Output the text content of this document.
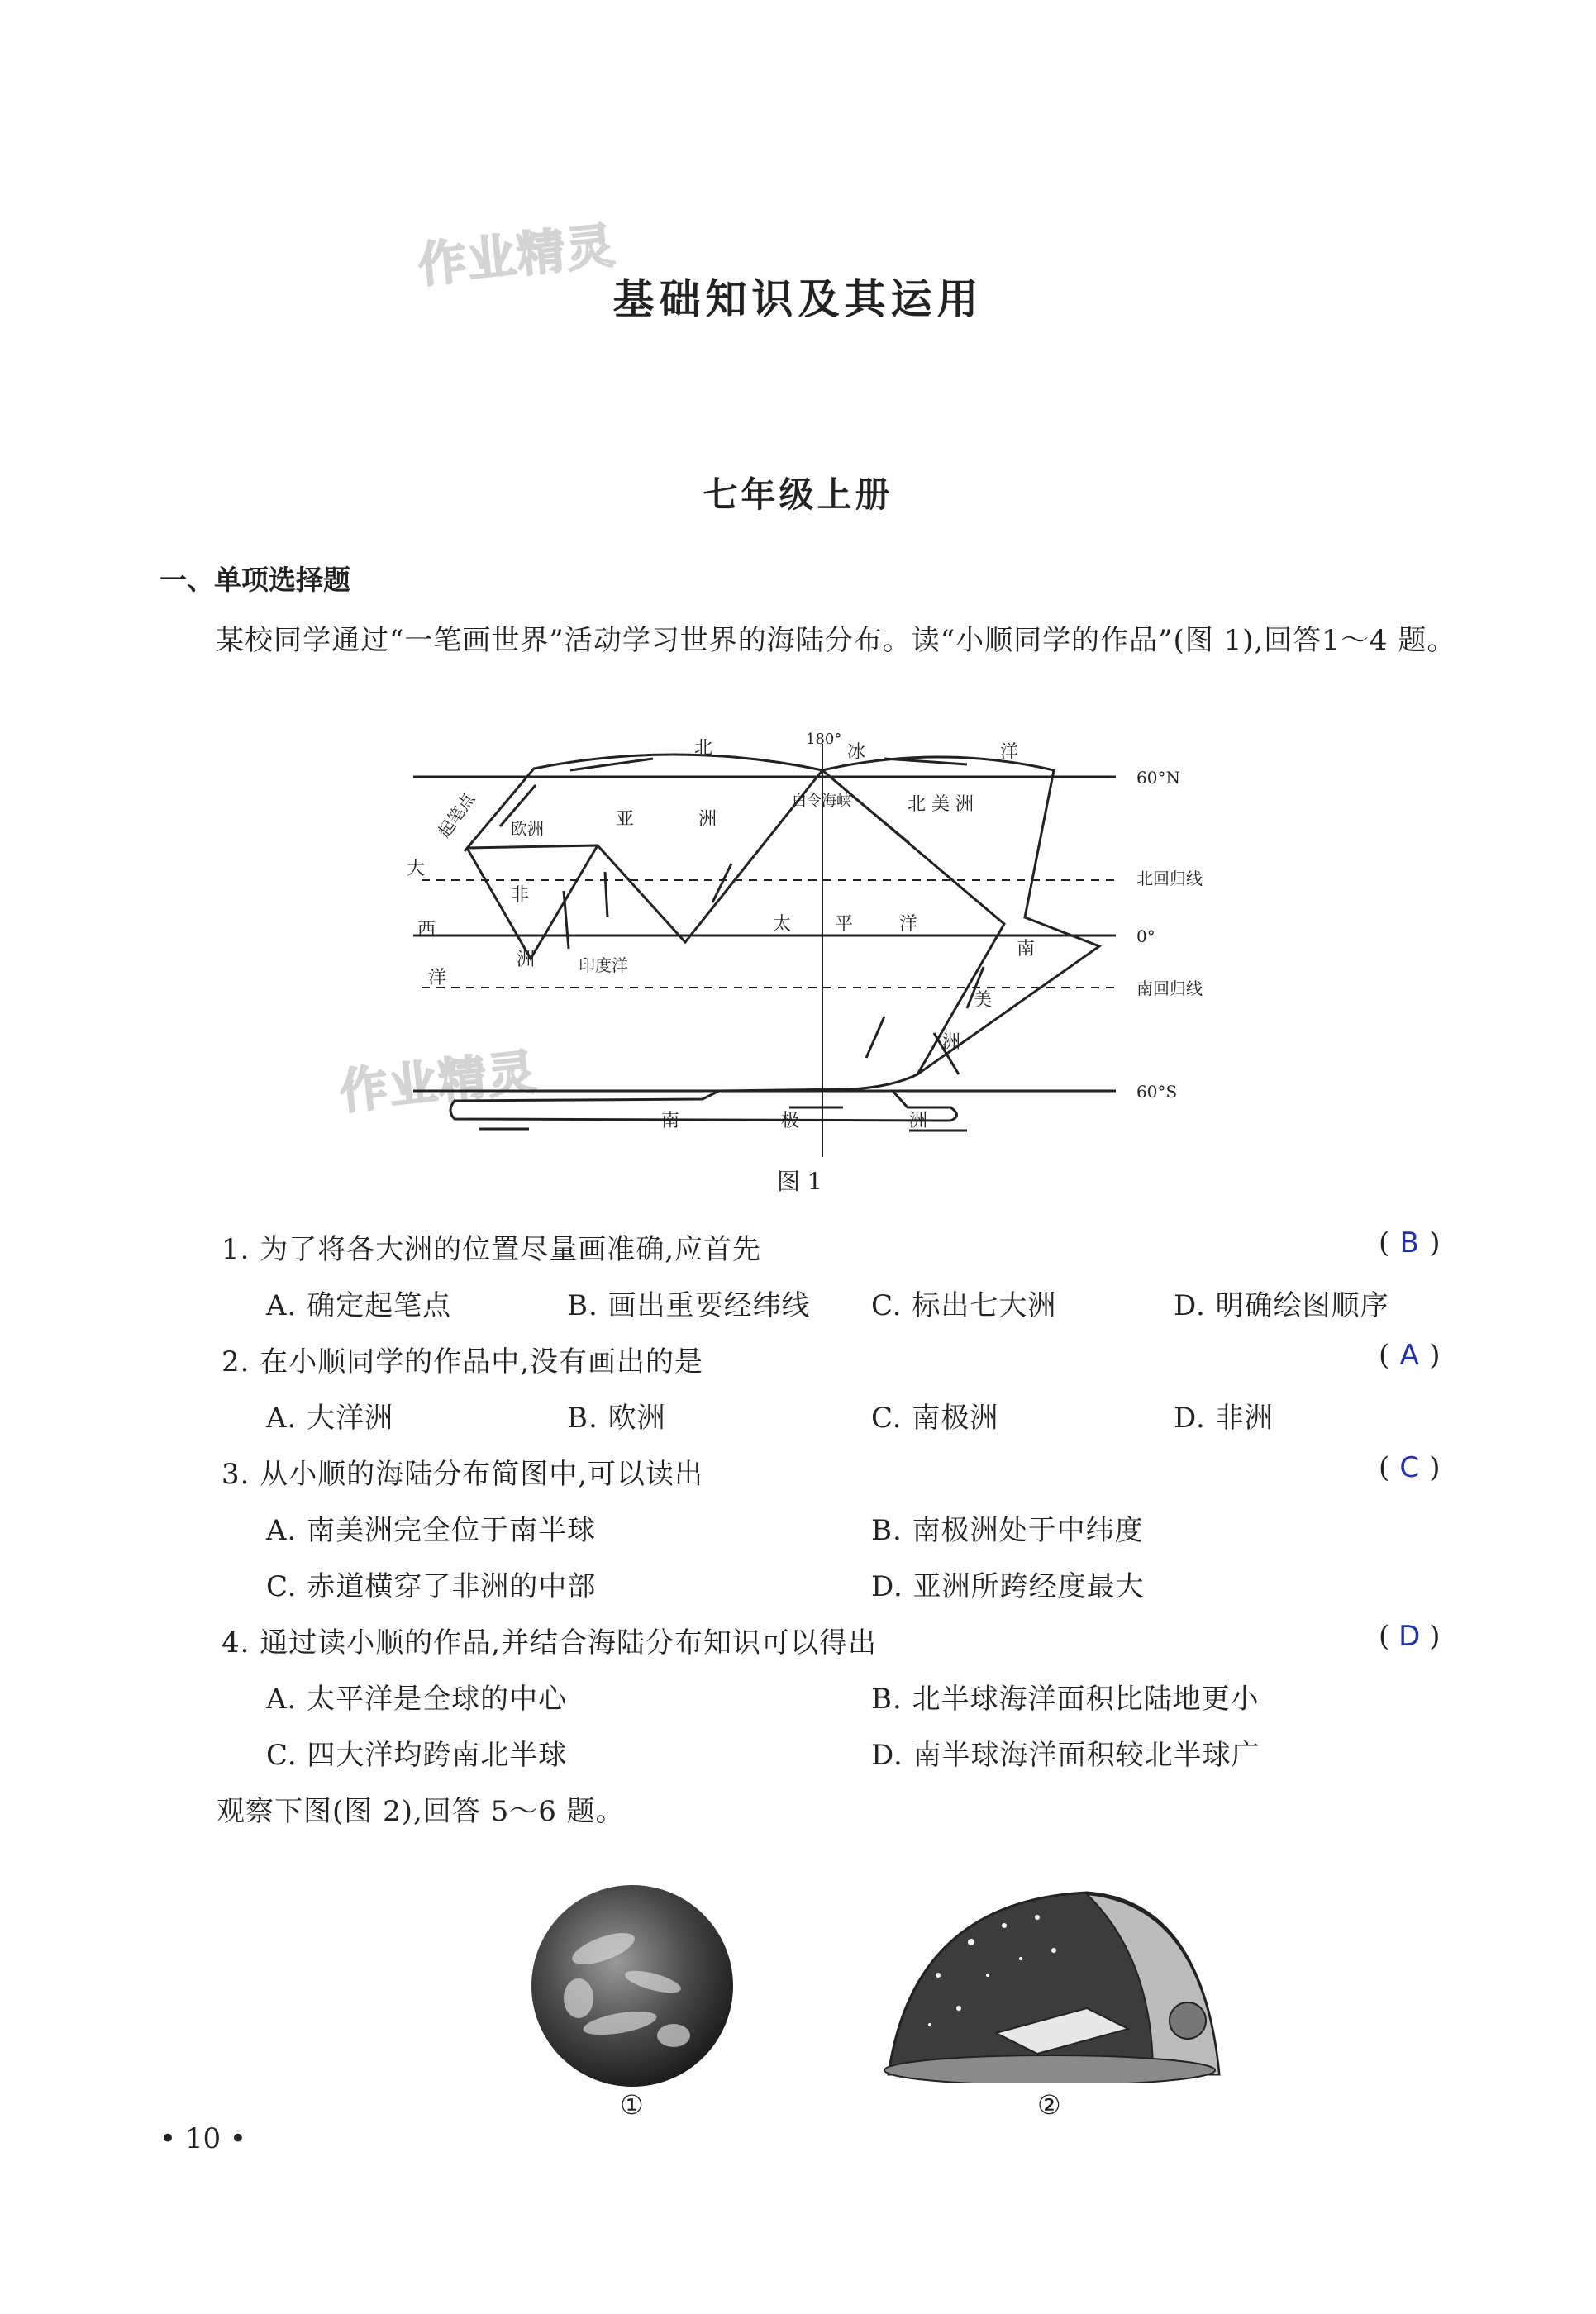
作业精灵
作业精灵
基础知识及其运用
七年级上册
一、单项选择题
某校同学通过“一笔画世界”活动学习世界的海陆分布。读“小顺同学的作品”(图 1),回答1～4 题。
北	冰	洋
180°
60°N
起笔点 欧洲	亚	洲
白令海峡	北 美 洲
大
西
洋
非
洲	印度洋
太 平	洋
北回归线
0°
南回归线
南
美
洲
60°S
南	极	洲
图 1
1. 为了将各大洲的位置尽量画准确,应首先	( B )
A. 确定起笔点	B. 画出重要经纬线 C. 标出七大洲	D. 明确绘图顺序
2. 在小顺同学的作品中,没有画出的是	( A )
A. 大洋洲	B. 欧洲	C. 南极洲	D. 非洲
3. 从小顺的海陆分布简图中,可以读出	( C )
A. 南美洲完全位于南半球	B. 南极洲处于中纬度
C. 赤道横穿了非洲的中部	D. 亚洲所跨经度最大
4. 通过读小顺的作品,并结合海陆分布知识可以得出	( D )
A. 太平洋是全球的中心	B. 北半球海洋面积比陆地更小
C. 四大洋均跨南北半球	D. 南半球海洋面积较北半球广
观察下图(图 2),回答 5～6 题。
①	②
• 10 •
